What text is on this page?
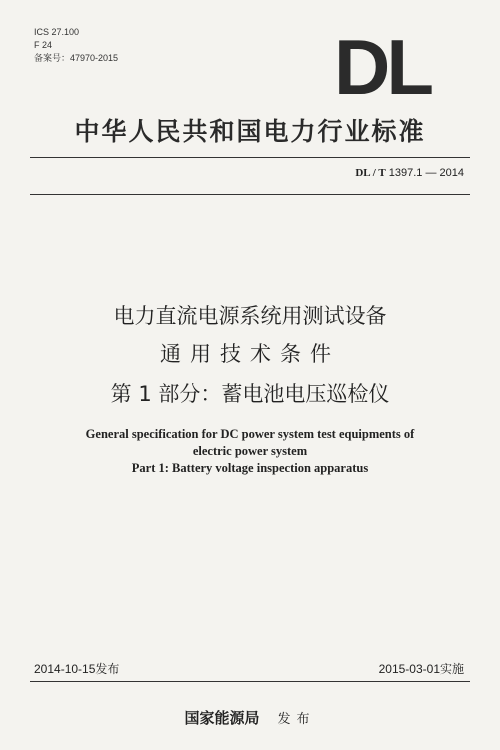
ICS 27.100
F 24
备案号：47970-2015	DL
中华人民共和国电力行业标准
DL / T 1397.1 — 2014
电力直流电源系统用测试设备
通用技术条件
第 1 部分：蓄电池电压巡检仪
General specification for DC power system test equipments of
electric power system
Part 1: Battery voltage inspection apparatus
2014-10-15发布	2015-03-01实施
国家能源局 发布
